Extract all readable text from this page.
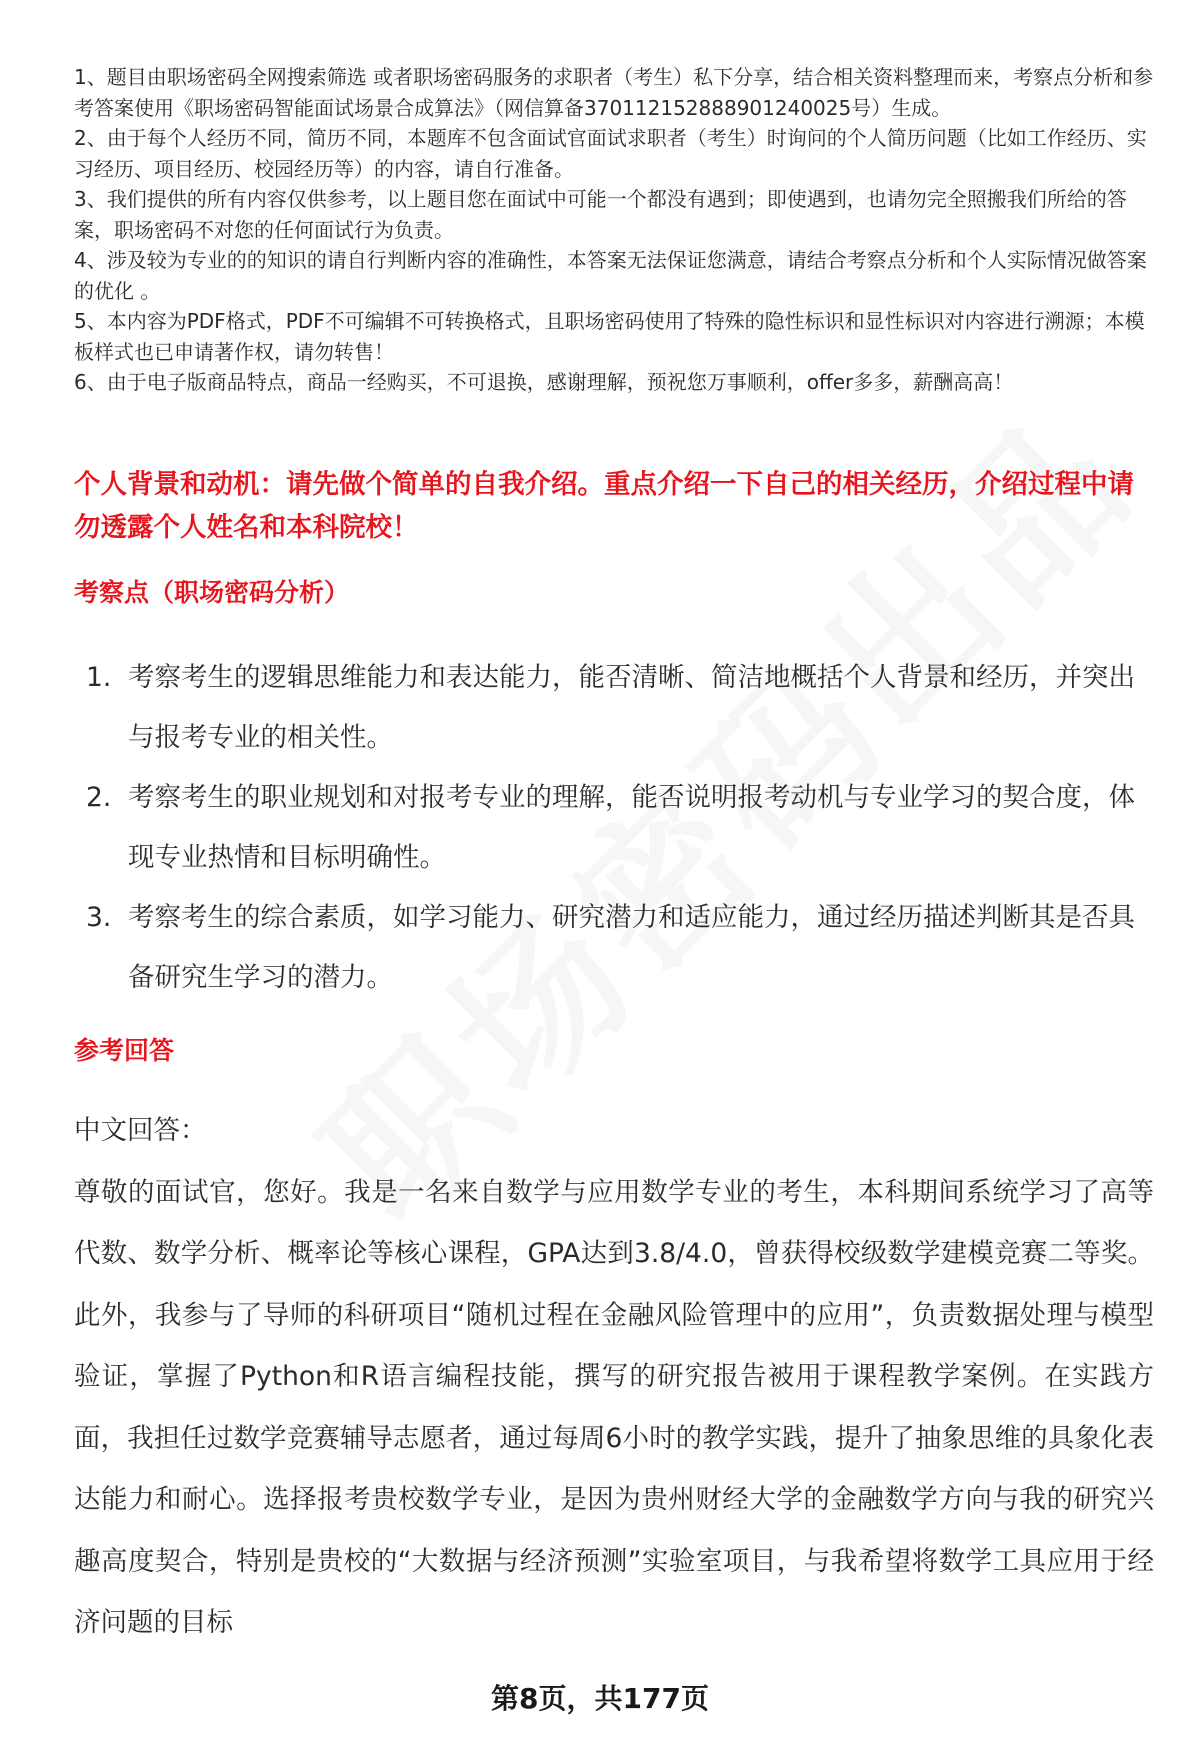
1、题目由职场密码全网搜索筛选 或者职场密码服务的求职者（考生）私下分享，结合相关资料整理而来，考察点分析和参考答案使用《职场密码智能面试场景合成算法》（网信算备370112152888901240025号）生成。
2、由于每个人经历不同，简历不同，本题库不包含面试官面试求职者（考生）时询问的个人简历问题（比如工作经历、实习经历、项目经历、校园经历等）的内容，请自行准备。
3、我们提供的所有内容仅供参考，以上题目您在面试中可能一个都没有遇到；即使遇到，也请勿完全照搬我们所给的答案，职场密码不对您的任何面试行为负责。
4、涉及较为专业的的知识的请自行判断内容的准确性，本答案无法保证您满意，请结合考察点分析和个人实际情况做答案的优化 。
5、本内容为PDF格式，PDF不可编辑不可转换格式，且职场密码使用了特殊的隐性标识和显性标识对内容进行溯源；本模板样式也已申请著作权，请勿转售！
6、由于电子版商品特点，商品一经购买，不可退换，感谢理解，预祝您万事顺利，offer多多，薪酬高高！
个人背景和动机：请先做个简单的自我介绍。重点介绍一下自己的相关经历，介绍过程中请勿透露个人姓名和本科院校！
考察点（职场密码分析）
1. 考察考生的逻辑思维能力和表达能力，能否清晰、简洁地概括个人背景和经历，并突出与报考专业的相关性。
2. 考察考生的职业规划和对报考专业的理解，能否说明报考动机与专业学习的契合度，体现专业热情和目标明确性。
3. 考察考生的综合素质，如学习能力、研究潜力和适应能力，通过经历描述判断其是否具备研究生学习的潜力。
参考回答

中文回答：

尊敬的面试官，您好。我是一名来自数学与应用数学专业的考生，本科期间系统学习了高等代数、数学分析、概率论等核心课程，GPA达到3.8/4.0，曾获得校级数学建模竞赛二等奖。此外，我参与了导师的科研项目“随机过程在金融风险管理中的应用”，负责数据处理与模型验证，掌握了Python和R语言编程技能，撰写的研究报告被用于课程教学案例。在实践方面，我担任过数学竞赛辅导志愿者，通过每周6小时的教学实践，提升了抽象思维的具象化表达能力和耐心。选择报考贵校数学专业，是因为贵州财经大学的金融数学方向与我的研究兴趣高度契合，特别是贵校的“大数据与经济预测”实验室项目，与我希望将数学工具应用于经济问题的目标

第8页，共177页
